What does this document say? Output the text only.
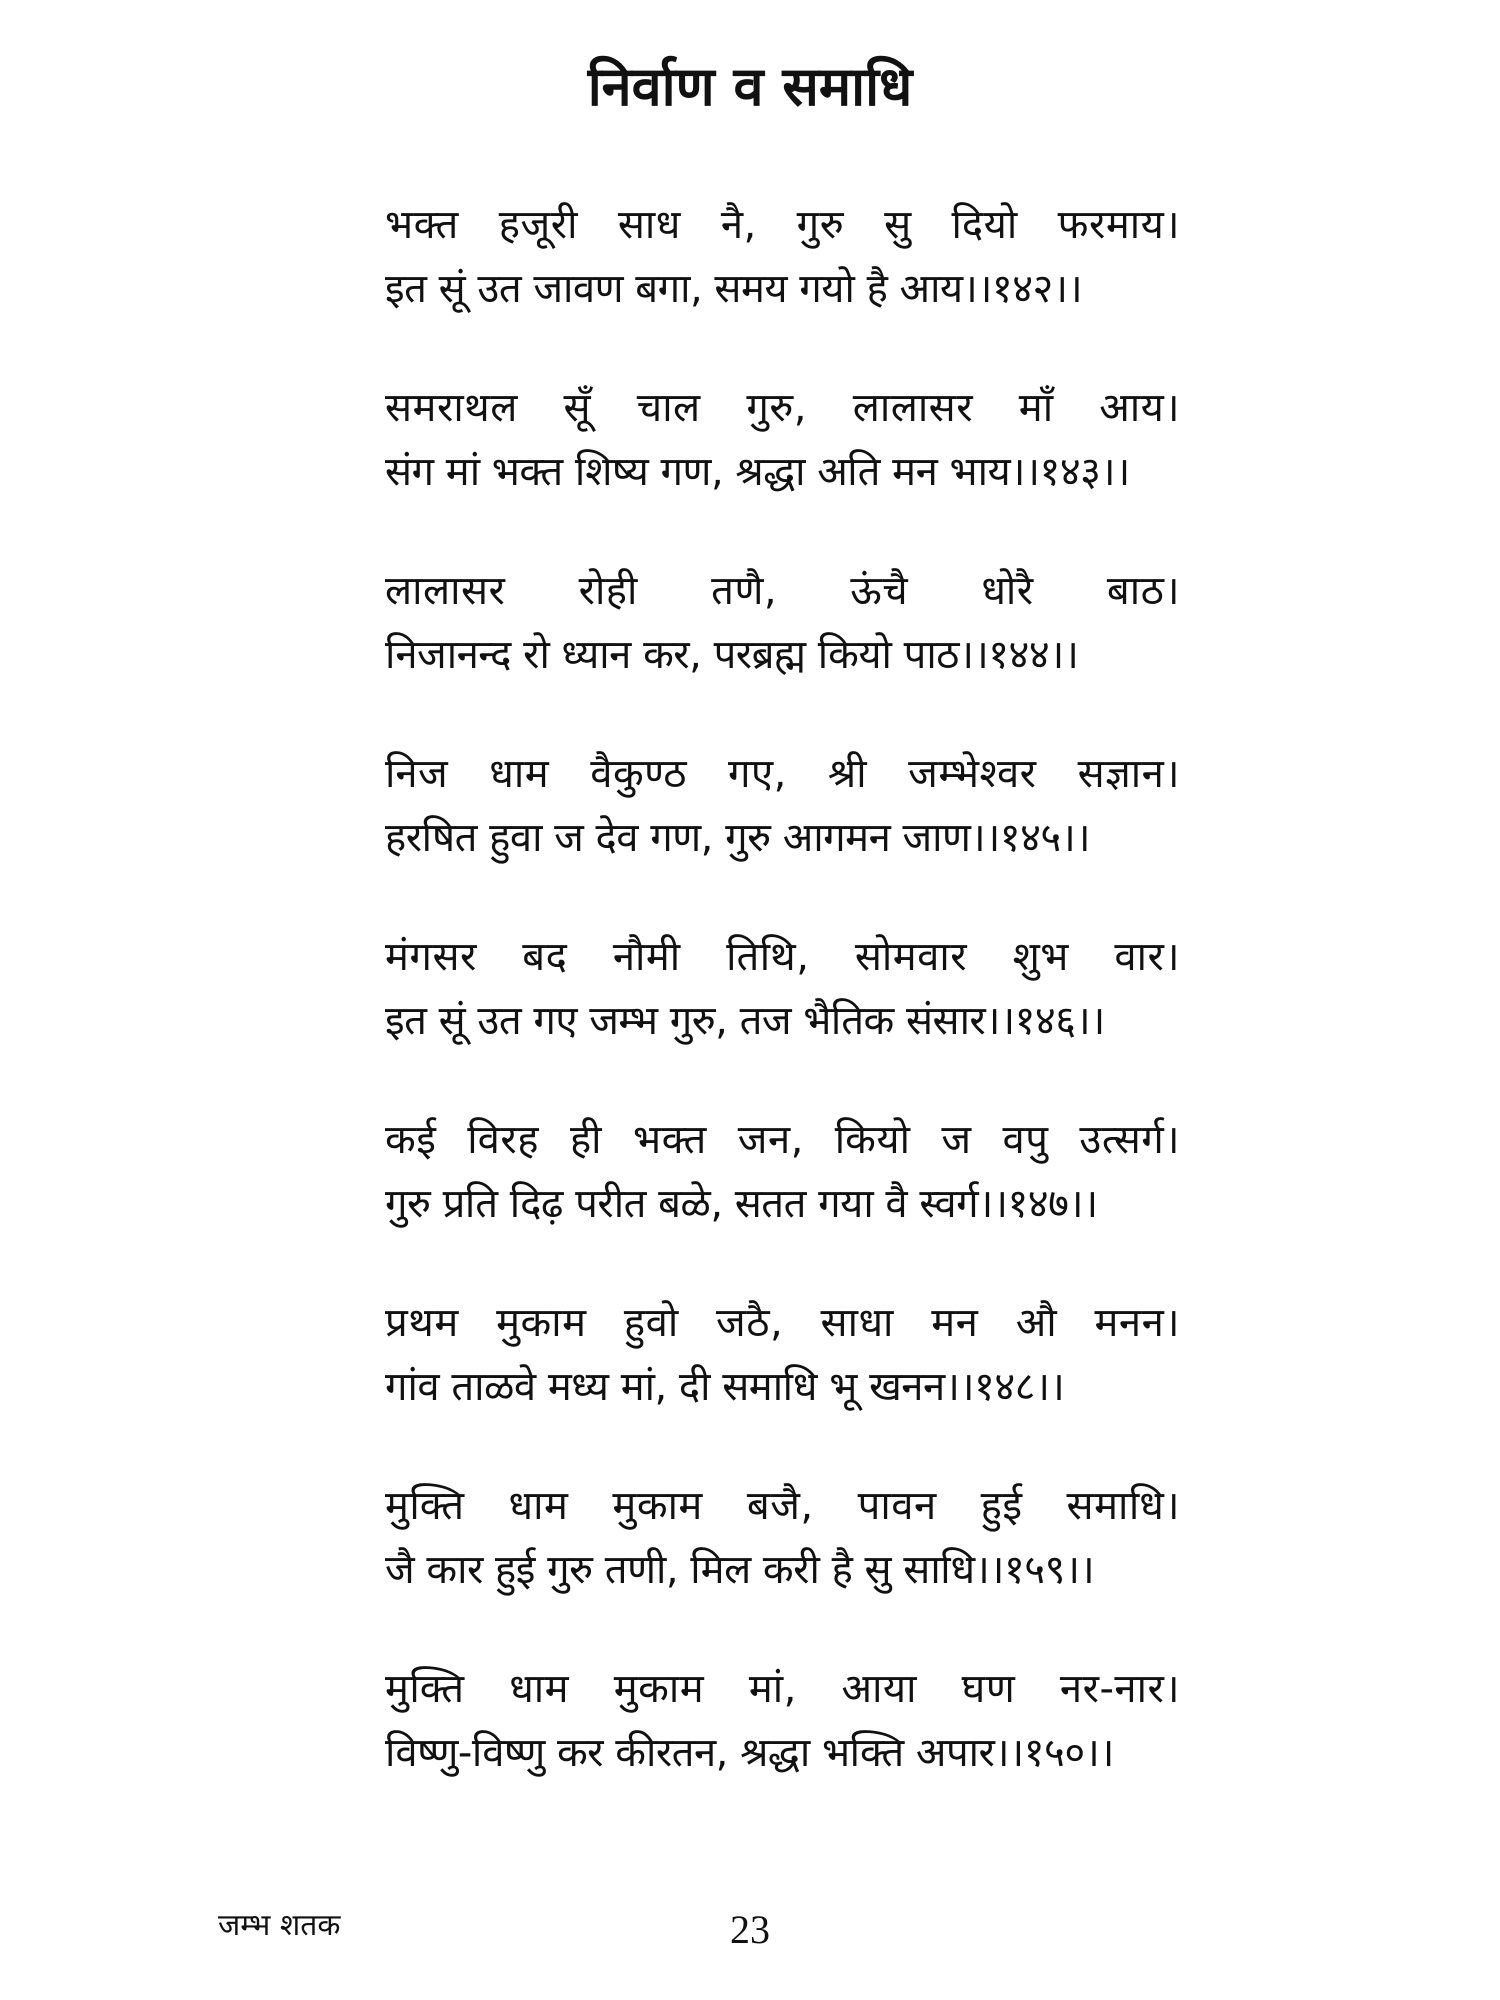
निर्वाण व समाधि
भक्त हजूरी साध नै, गुरु सु दियो फरमाय।
इत सूं उत जावण बगा, समय गयो है आय।।१४२।।
समराथल सूँ चाल गुरु, लालासर माँ आय।
संग मां भक्त शिष्य गण, श्रद्धा अति मन भाय।।१४३।।
लालासर रोही तणै, ऊंचै धोरै बाठ।
निजानन्द रो ध्यान कर, परब्रह्म कियो पाठ।।१४४।।
निज धाम वैकुण्ठ गए, श्री जम्भेश्वर सज्ञान।
हरषित हुवा ज देव गण, गुरु आगमन जाण।।१४५।।
मंगसर बद नौमी तिथि, सोमवार शुभ वार।
इत सूं उत गए जम्भ गुरु, तज भैतिक संसार।।१४६।।
कई विरह ही भक्त जन, कियो ज वपु उत्सर्ग।
गुरु प्रति दिढ़ परीत बळे, सतत गया वै स्वर्ग।।१४७।।
प्रथम मुकाम हुवो जठै, साधा मन औ मनन।
गांव ताळवे मध्य मां, दी समाधि भू खनन।।१४८।।
मुक्ति धाम मुकाम बजै, पावन हुई समाधि।
जै कार हुई गुरु तणी, मिल करी है सु साधि।।१५९।।
मुक्ति धाम मुकाम मां, आया घण नर-नार।
विष्णु-विष्णु कर कीरतन, श्रद्धा भक्ति अपार।।१५०।।
जम्भ शतक	23
